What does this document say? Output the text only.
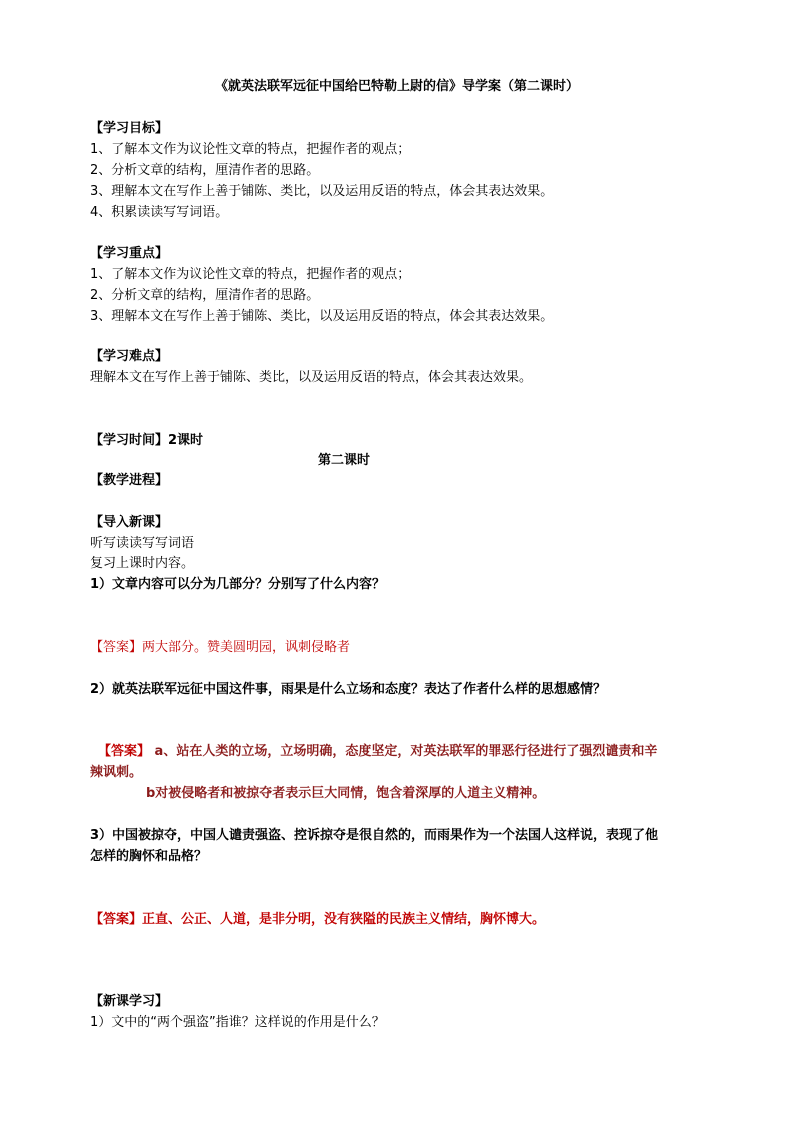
《就英法联军远征中国给巴特勒上尉的信》导学案（第二课时）
【学习目标】
1、了解本文作为议论性文章的特点，把握作者的观点；
2、分析文章的结构，厘清作者的思路。
3、理解本文在写作上善于铺陈、类比，以及运用反语的特点，体会其表达效果。
4、积累读读写写词语。
【学习重点】
1、了解本文作为议论性文章的特点，把握作者的观点；
2、分析文章的结构，厘清作者的思路。
3、理解本文在写作上善于铺陈、类比，以及运用反语的特点，体会其表达效果。
【学习难点】
理解本文在写作上善于铺陈、类比，以及运用反语的特点，体会其表达效果。
【学习时间】2课时
第二课时
【教学进程】
【导入新课】
听写读读写写词语
复习上课时内容。
1）文章内容可以分为几部分？分别写了什么内容？
【答案】两大部分。赞美圆明园，讽刺侵略者
2）就英法联军远征中国这件事，雨果是什么立场和态度？表达了作者什么样的思想感情？
【答案】 a、站在人类的立场，立场明确，态度坚定，对英法联军的罪恶行径进行了强烈谴责和辛
辣讽刺。
b对被侵略者和被掠夺者表示巨大同情，饱含着深厚的人道主义精神。
3）中国被掠夺，中国人谴责强盗、控诉掠夺是很自然的，而雨果作为一个法国人这样说，表现了他
怎样的胸怀和品格？
【答案】正直、公正、人道，是非分明，没有狭隘的民族主义情结，胸怀博大。
【新课学习】
1）文中的“两个强盗”指谁？这样说的作用是什么？
